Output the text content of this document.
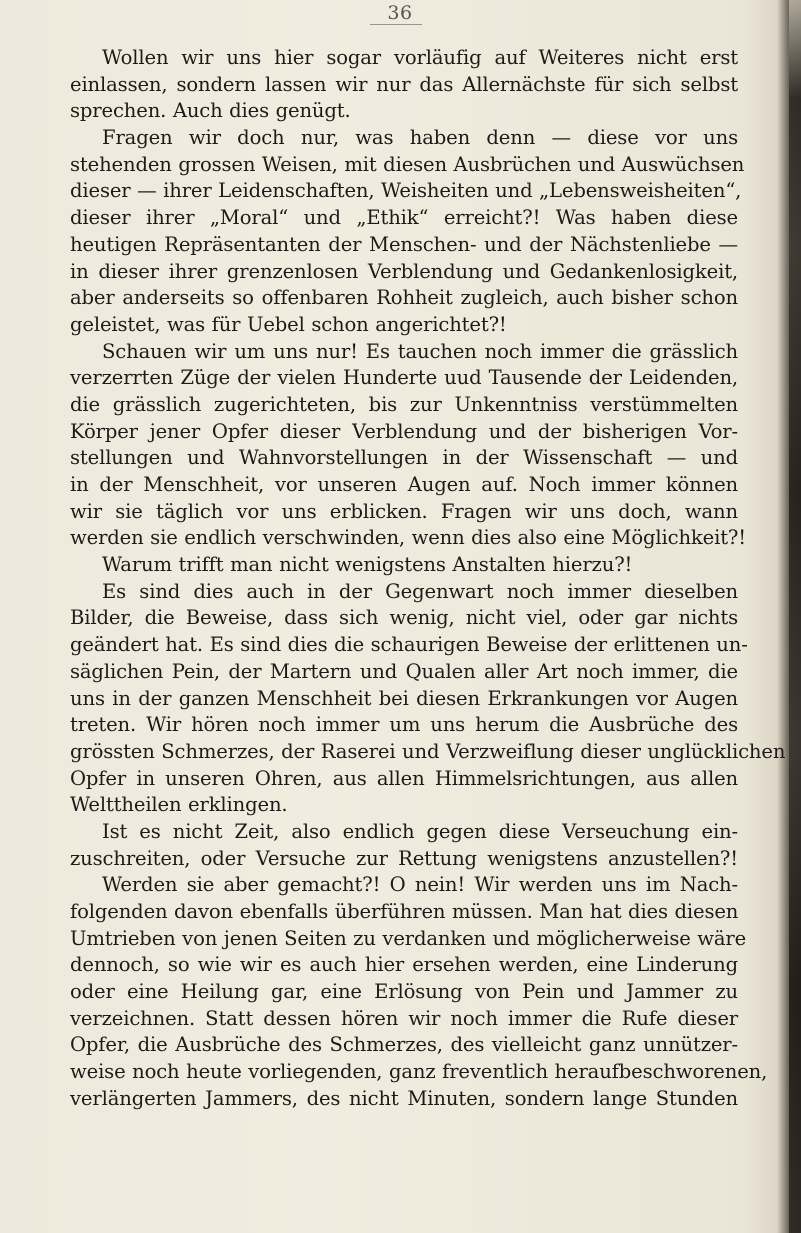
36
Wollen wir uns hier sogar vorläufig auf Weiteres nicht erst
einlassen, sondern lassen wir nur das Allernächste für sich selbst
sprechen. Auch dies genügt.
Fragen wir doch nur, was haben denn — diese vor uns
stehenden grossen Weisen, mit diesen Ausbrüchen und Auswüchsen
dieser — ihrer Leidenschaften, Weisheiten und „Lebensweisheiten“,
dieser ihrer „Moral“ und „Ethik“ erreicht?! Was haben diese
heutigen Repräsentanten der Menschen- und der Nächstenliebe —
in dieser ihrer grenzenlosen Verblendung und Gedankenlosigkeit,
aber anderseits so offenbaren Rohheit zugleich, auch bisher schon
geleistet, was für Uebel schon angerichtet?!
Schauen wir um uns nur! Es tauchen noch immer die grässlich
verzerrten Züge der vielen Hunderte uud Tausende der Leidenden,
die grässlich zugerichteten, bis zur Unkenntniss verstümmelten
Körper jener Opfer dieser Verblendung und der bisherigen Vor-
stellungen und Wahnvorstellungen in der Wissenschaft — und
in der Menschheit, vor unseren Augen auf. Noch immer können
wir sie täglich vor uns erblicken. Fragen wir uns doch, wann
werden sie endlich verschwinden, wenn dies also eine Möglichkeit?!
Warum trifft man nicht wenigstens Anstalten hierzu?!
Es sind dies auch in der Gegenwart noch immer dieselben
Bilder, die Beweise, dass sich wenig, nicht viel, oder gar nichts
geändert hat. Es sind dies die schaurigen Beweise der erlittenen un-
säglichen Pein, der Martern und Qualen aller Art noch immer, die
uns in der ganzen Menschheit bei diesen Erkrankungen vor Augen
treten. Wir hören noch immer um uns herum die Ausbrüche des
grössten Schmerzes, der Raserei und Verzweiflung dieser unglücklichen
Opfer in unseren Ohren, aus allen Himmelsrichtungen, aus allen
Welttheilen erklingen.
Ist es nicht Zeit, also endlich gegen diese Verseuchung ein-
zuschreiten, oder Versuche zur Rettung wenigstens anzustellen?!
Werden sie aber gemacht?! O nein! Wir werden uns im Nach-
folgenden davon ebenfalls überführen müssen. Man hat dies diesen
Umtrieben von jenen Seiten zu verdanken und möglicherweise wäre
dennoch, so wie wir es auch hier ersehen werden, eine Linderung
oder eine Heilung gar, eine Erlösung von Pein und Jammer zu
verzeichnen. Statt dessen hören wir noch immer die Rufe dieser
Opfer, die Ausbrüche des Schmerzes, des vielleicht ganz unnützer-
weise noch heute vorliegenden, ganz freventlich heraufbeschworenen,
verlängerten Jammers, des nicht Minuten, sondern lange Stunden
